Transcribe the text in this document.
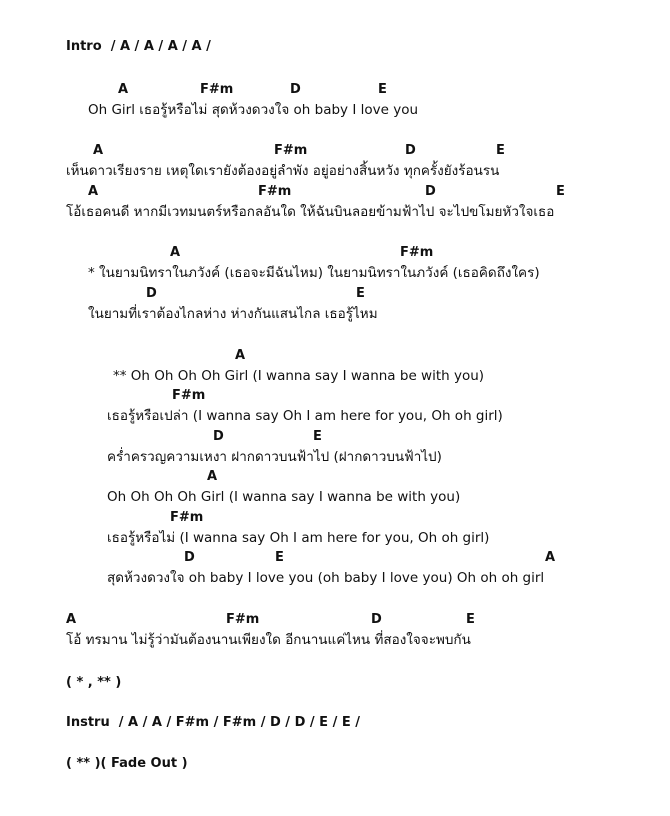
Intro  / A / A / A / A /
A	F#m	D	E
Oh Girl เธอรู้หรือไม่ สุดห้วงดวงใจ oh baby I love you
A	F#m	D	E
เห็นดาวเรียงราย เหตุใดเรายังต้องอยู่ลำพัง อยู่อย่างสิ้นหวัง ทุกครั้งยังร้อนรน
A	F#m	D	E
โอ้เธอคนดี หากมีเวทมนตร์หรือกลอันใด ให้ฉันบินลอยข้ามฟ้าไป จะไปขโมยหัวใจเธอ
A	F#m
* ในยามนิทราในภวังค์ (เธอจะมีฉันไหม) ในยามนิทราในภวังค์ (เธอคิดถึงใคร)
D	E
ในยามที่เราต้องไกลห่าง ห่างกันแสนไกล เธอรู้ไหม
A
** Oh Oh Oh Oh Girl (I wanna say I wanna be with you)
F#m
เธอรู้หรือเปล่า (I wanna say Oh I am here for you, Oh oh girl)
D	E
คร่ำครวญความเหงา ฝากดาวบนฟ้าไป (ฝากดาวบนฟ้าไป)
A
Oh Oh Oh Oh Girl (I wanna say I wanna be with you)
F#m
เธอรู้หรือไม่ (I wanna say Oh I am here for you, Oh oh girl)
D	E	A
สุดห้วงดวงใจ oh baby I love you (oh baby I love you) Oh oh oh girl
A	F#m	D	E
โอ้ ทรมาน ไม่รู้ว่ามันต้องนานเพียงใด อีกนานแค่ไหน ที่สองใจจะพบกัน
( * , ** )
Instru  / A / A / F#m / F#m / D / D / E / E /
( ** )( Fade Out )
